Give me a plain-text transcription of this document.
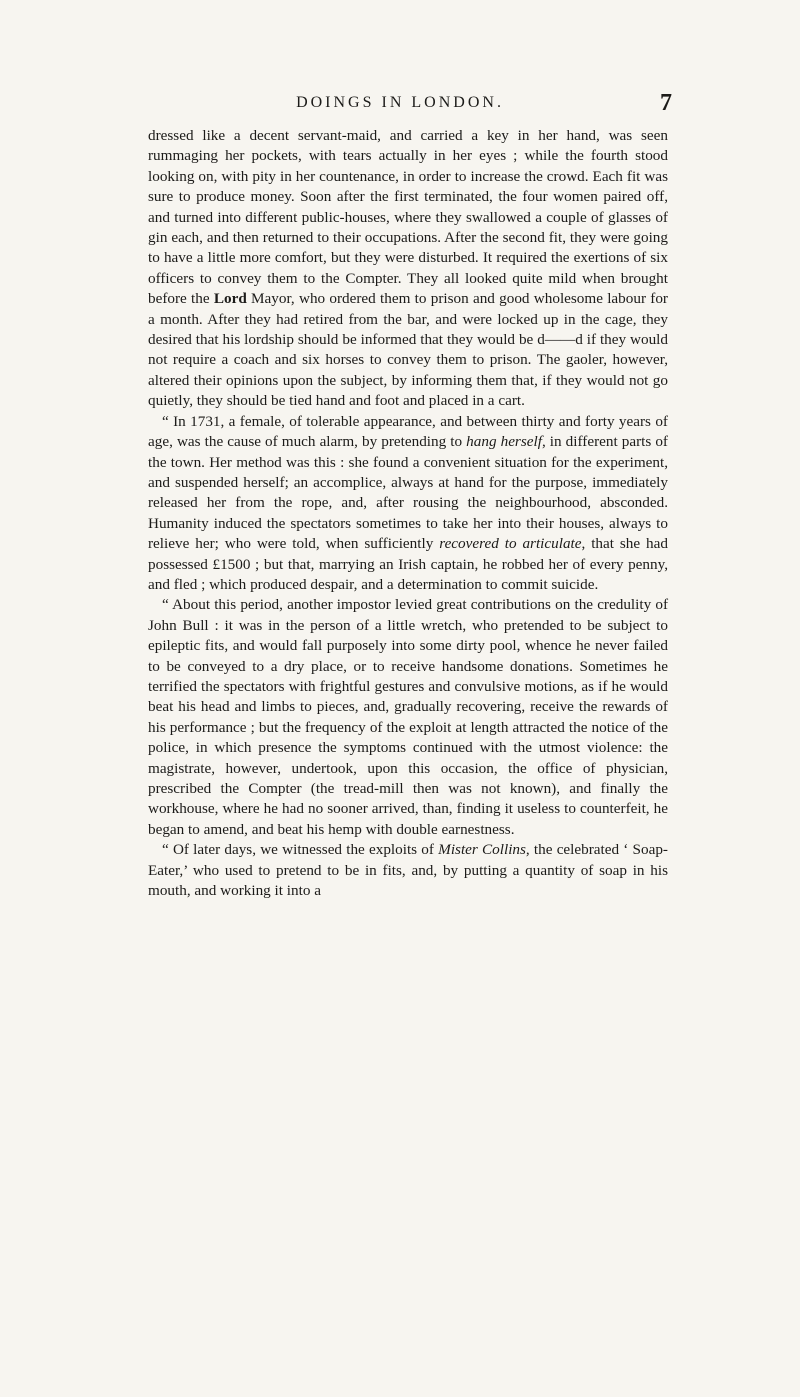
DOINGS IN LONDON.	7

dressed like a decent servant-maid, and carried a key in her hand, was seen rummaging her pockets, with tears actually in her eyes ; while the fourth stood looking on, with pity in her countenance, in order to increase the crowd. Each fit was sure to produce money. Soon after the first terminated, the four women paired off, and turned into different public-houses, where they swallowed a couple of glasses of gin each, and then returned to their occupations. After the second fit, they were going to have a little more comfort, but they were disturbed. It required the exertions of six officers to convey them to the Compter. They all looked quite mild when brought before the Lord Mayor, who ordered them to prison and good wholesome labour for a month. After they had retired from the bar, and were locked up in the cage, they desired that his lordship should be informed that they would be d——d if they would not require a coach and six horses to convey them to prison. The gaoler, however, altered their opinions upon the subject, by informing them that, if they would not go quietly, they should be tied hand and foot and placed in a cart.

“ In 1731, a female, of tolerable appearance, and between thirty and forty years of age, was the cause of much alarm, by pretending to hang herself, in different parts of the town. Her method was this : she found a convenient situation for the experiment, and suspended herself; an accomplice, always at hand for the purpose, immediately released her from the rope, and, after rousing the neighbourhood, absconded. Humanity induced the spectators sometimes to take her into their houses, always to relieve her; who were told, when sufficiently recovered to articulate, that she had possessed £1500 ; but that, marrying an Irish captain, he robbed her of every penny, and fled ; which produced despair, and a determination to commit suicide.

“ About this period, another impostor levied great contributions on the credulity of John Bull : it was in the person of a little wretch, who pretended to be subject to epileptic fits, and would fall purposely into some dirty pool, whence he never failed to be conveyed to a dry place, or to receive handsome donations. Sometimes he terrified the spectators with frightful gestures and convulsive motions, as if he would beat his head and limbs to pieces, and, gradually recovering, receive the rewards of his performance ; but the frequency of the exploit at length attracted the notice of the police, in which presence the symptoms continued with the utmost violence: the magistrate, however, undertook, upon this occasion, the office of physician, prescribed the Compter (the tread-mill then was not known), and finally the workhouse, where he had no sooner arrived, than, finding it useless to counterfeit, he began to amend, and beat his hemp with double earnestness.

“ Of later days, we witnessed the exploits of Mister Collins, the celebrated ‘ Soap-Eater,’ who used to pretend to be in fits, and, by putting a quantity of soap in his mouth, and working it into a
